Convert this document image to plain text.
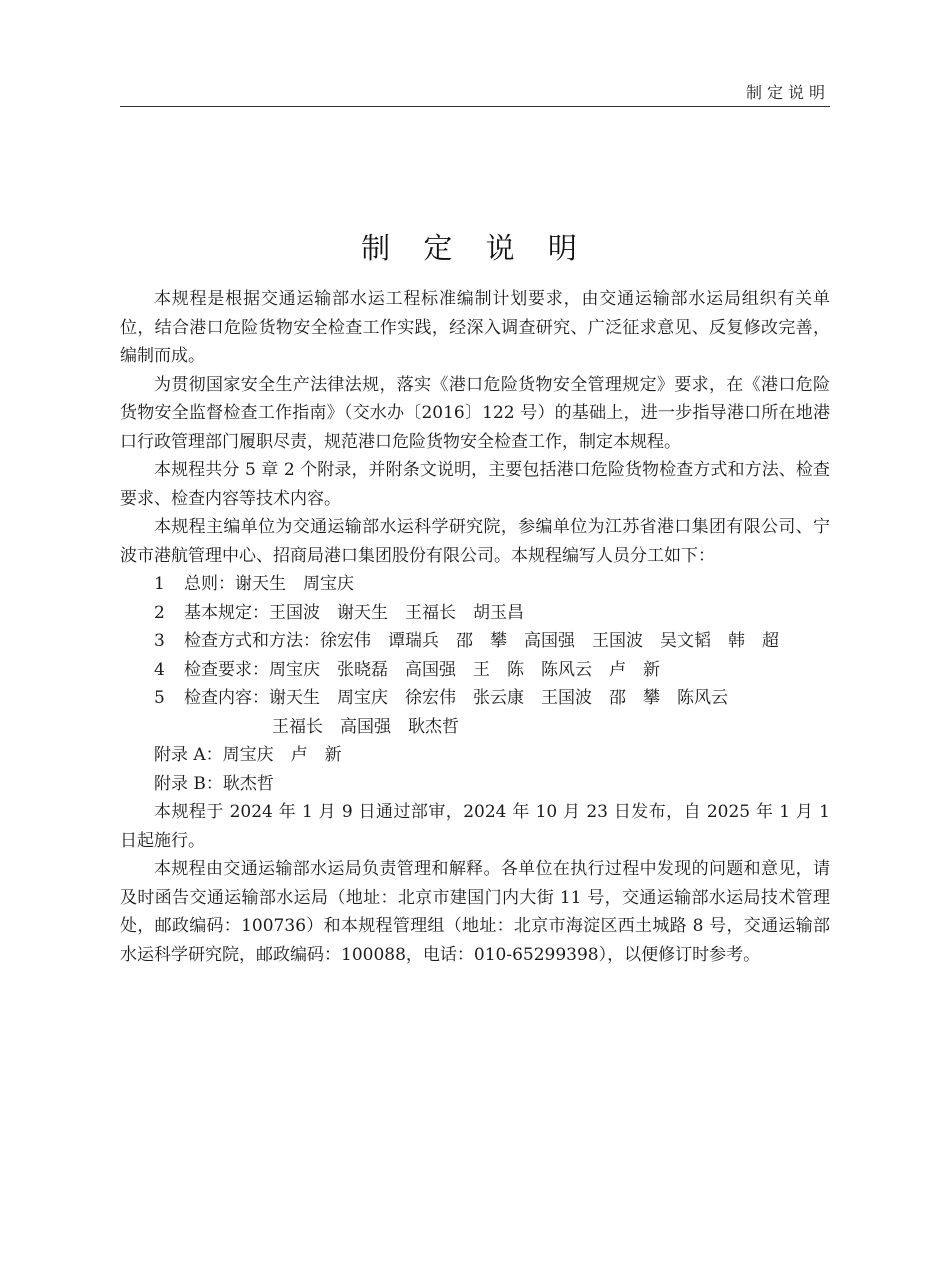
制定说明
制 定 说 明

本规程是根据交通运输部水运工程标准编制计划要求，由交通运输部水运局组织有关单位，结合港口危险货物安全检查工作实践，经深入调查研究、广泛征求意见、反复修改完善，编制而成。

为贯彻国家安全生产法律法规，落实《港口危险货物安全管理规定》要求，在《港口危险货物安全监督检查工作指南》（交水办〔2016〕122 号）的基础上，进一步指导港口所在地港口行政管理部门履职尽责，规范港口危险货物安全检查工作，制定本规程。

本规程共分 5 章 2 个附录，并附条文说明，主要包括港口危险货物检查方式和方法、检查要求、检查内容等技术内容。

本规程主编单位为交通运输部水运科学研究院，参编单位为江苏省港口集团有限公司、宁波市港航管理中心、招商局港口集团股份有限公司。本规程编写人员分工如下：

1 总则：谢天生　周宝庆
2 基本规定：王国波　谢天生　王福长　胡玉昌
3 检查方式和方法：徐宏伟　谭瑞兵　邵　攀　高国强　王国波　吴文韬　韩　超
4 检查要求：周宝庆　张晓磊　高国强　王　陈　陈风云　卢　新
5 检查内容：谢天生　周宝庆　徐宏伟　张云康　王国波　邵　攀　陈风云
王福长　高国强　耿杰哲
附录 A：周宝庆　卢　新
附录 B：耿杰哲

本规程于 2024 年 1 月 9 日通过部审，2024 年 10 月 23 日发布，自 2025 年 1 月 1 日起施行。

本规程由交通运输部水运局负责管理和解释。各单位在执行过程中发现的问题和意见，请及时函告交通运输部水运局（地址：北京市建国门内大街 11 号，交通运输部水运局技术管理处，邮政编码：100736）和本规程管理组（地址：北京市海淀区西土城路 8 号，交通运输部水运科学研究院，邮政编码：100088，电话：010-65299398），以便修订时参考。
